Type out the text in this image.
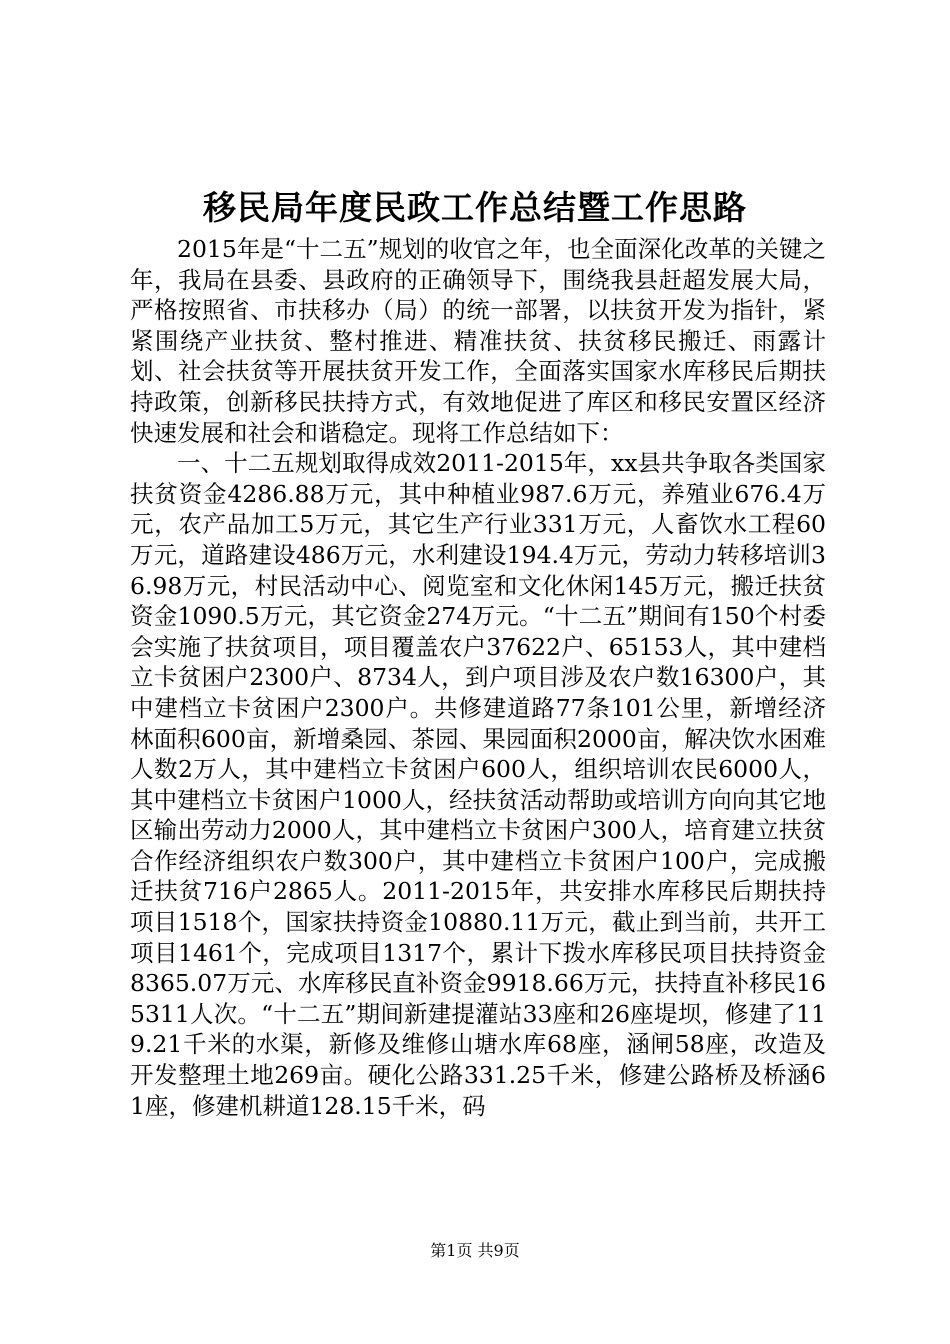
移民局年度民政工作总结暨工作思路

2015年是“十二五”规划的收官之年，也全面深化改革的关键之年，我局在县委、县政府的正确领导下，围绕我县赶超发展大局，严格按照省、市扶移办（局）的统一部署，以扶贫开发为指针，紧紧围绕产业扶贫、整村推进、精准扶贫、扶贫移民搬迁、雨露计划、社会扶贫等开展扶贫开发工作，全面落实国家水库移民后期扶持政策，创新移民扶持方式，有效地促进了库区和移民安置区经济快速发展和社会和谐稳定。现将工作总结如下：

一、十二五规划取得成效2011-2015年，xx县共争取各类国家扶贫资金4286.88万元，其中种植业987.6万元，养殖业676.4万元，农产品加工5万元，其它生产行业331万元，人畜饮水工程60万元，道路建设486万元，水利建设194.4万元，劳动力转移培训36.98万元，村民活动中心、阅览室和文化休闲145万元，搬迁扶贫资金1090.5万元，其它资金274万元。“十二五”期间有150个村委会实施了扶贫项目，项目覆盖农户37622户、65153人，其中建档立卡贫困户2300户、8734人，到户项目涉及农户数16300户，其中建档立卡贫困户2300户。共修建道路77条101公里，新增经济林面积600亩，新增桑园、茶园、果园面积2000亩，解决饮水困难人数2万人，其中建档立卡贫困户600人，组织培训农民6000人，其中建档立卡贫困户1000人，经扶贫活动帮助或培训方向向其它地区输出劳动力2000人，其中建档立卡贫困户300人，培育建立扶贫合作经济组织农户数300户，其中建档立卡贫困户100户，完成搬迁扶贫716户2865人。2011-2015年，共安排水库移民后期扶持项目1518个，国家扶持资金10880.11万元，截止到当前，共开工项目1461个，完成项目1317个，累计下拨水库移民项目扶持资金8365.07万元、水库移民直补资金9918.66万元，扶持直补移民165311人次。“十二五”期间新建提灌站33座和26座堤坝，修建了119.21千米的水渠，新修及维修山塘水库68座，涵闸58座，改造及开发整理土地269亩。硬化公路331.25千米，修建公路桥及桥涵61座，修建机耕道128.15千米，码

第1页 共9页
